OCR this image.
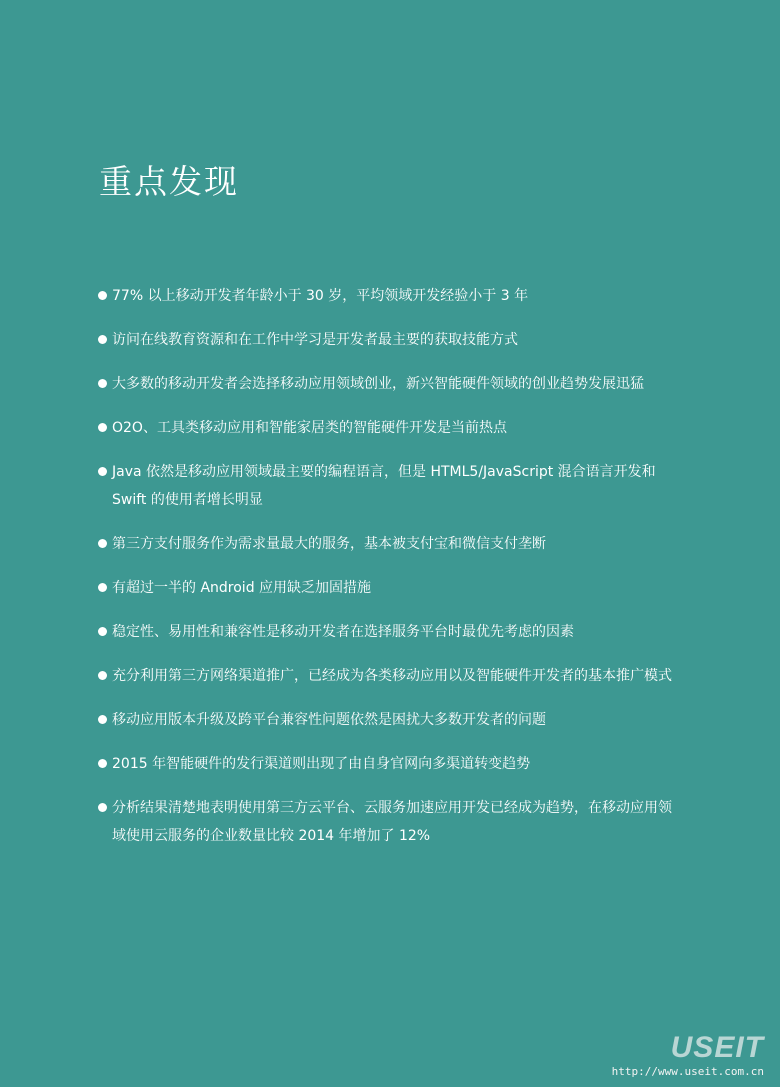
重点发现
77% 以上移动开发者年龄小于 30 岁，平均领域开发经验小于 3 年
访问在线教育资源和在工作中学习是开发者最主要的获取技能方式
大多数的移动开发者会选择移动应用领域创业，新兴智能硬件领域的创业趋势发展迅猛
O2O、工具类移动应用和智能家居类的智能硬件开发是当前热点
Java 依然是移动应用领域最主要的编程语言，但是 HTML5/JavaScript 混合语言开发和 Swift 的使用者增长明显
第三方支付服务作为需求量最大的服务，基本被支付宝和微信支付垄断
有超过一半的 Android 应用缺乏加固措施
稳定性、易用性和兼容性是移动开发者在选择服务平台时最优先考虑的因素
充分利用第三方网络渠道推广，已经成为各类移动应用以及智能硬件开发者的基本推广模式
移动应用版本升级及跨平台兼容性问题依然是困扰大多数开发者的问题
2015 年智能硬件的发行渠道则出现了由自身官网向多渠道转变趋势
分析结果清楚地表明使用第三方云平台、云服务加速应用开发已经成为趋势，在移动应用领域使用云服务的企业数量比较 2014 年增加了 12%
USEIT
http://www.useit.com.cn
